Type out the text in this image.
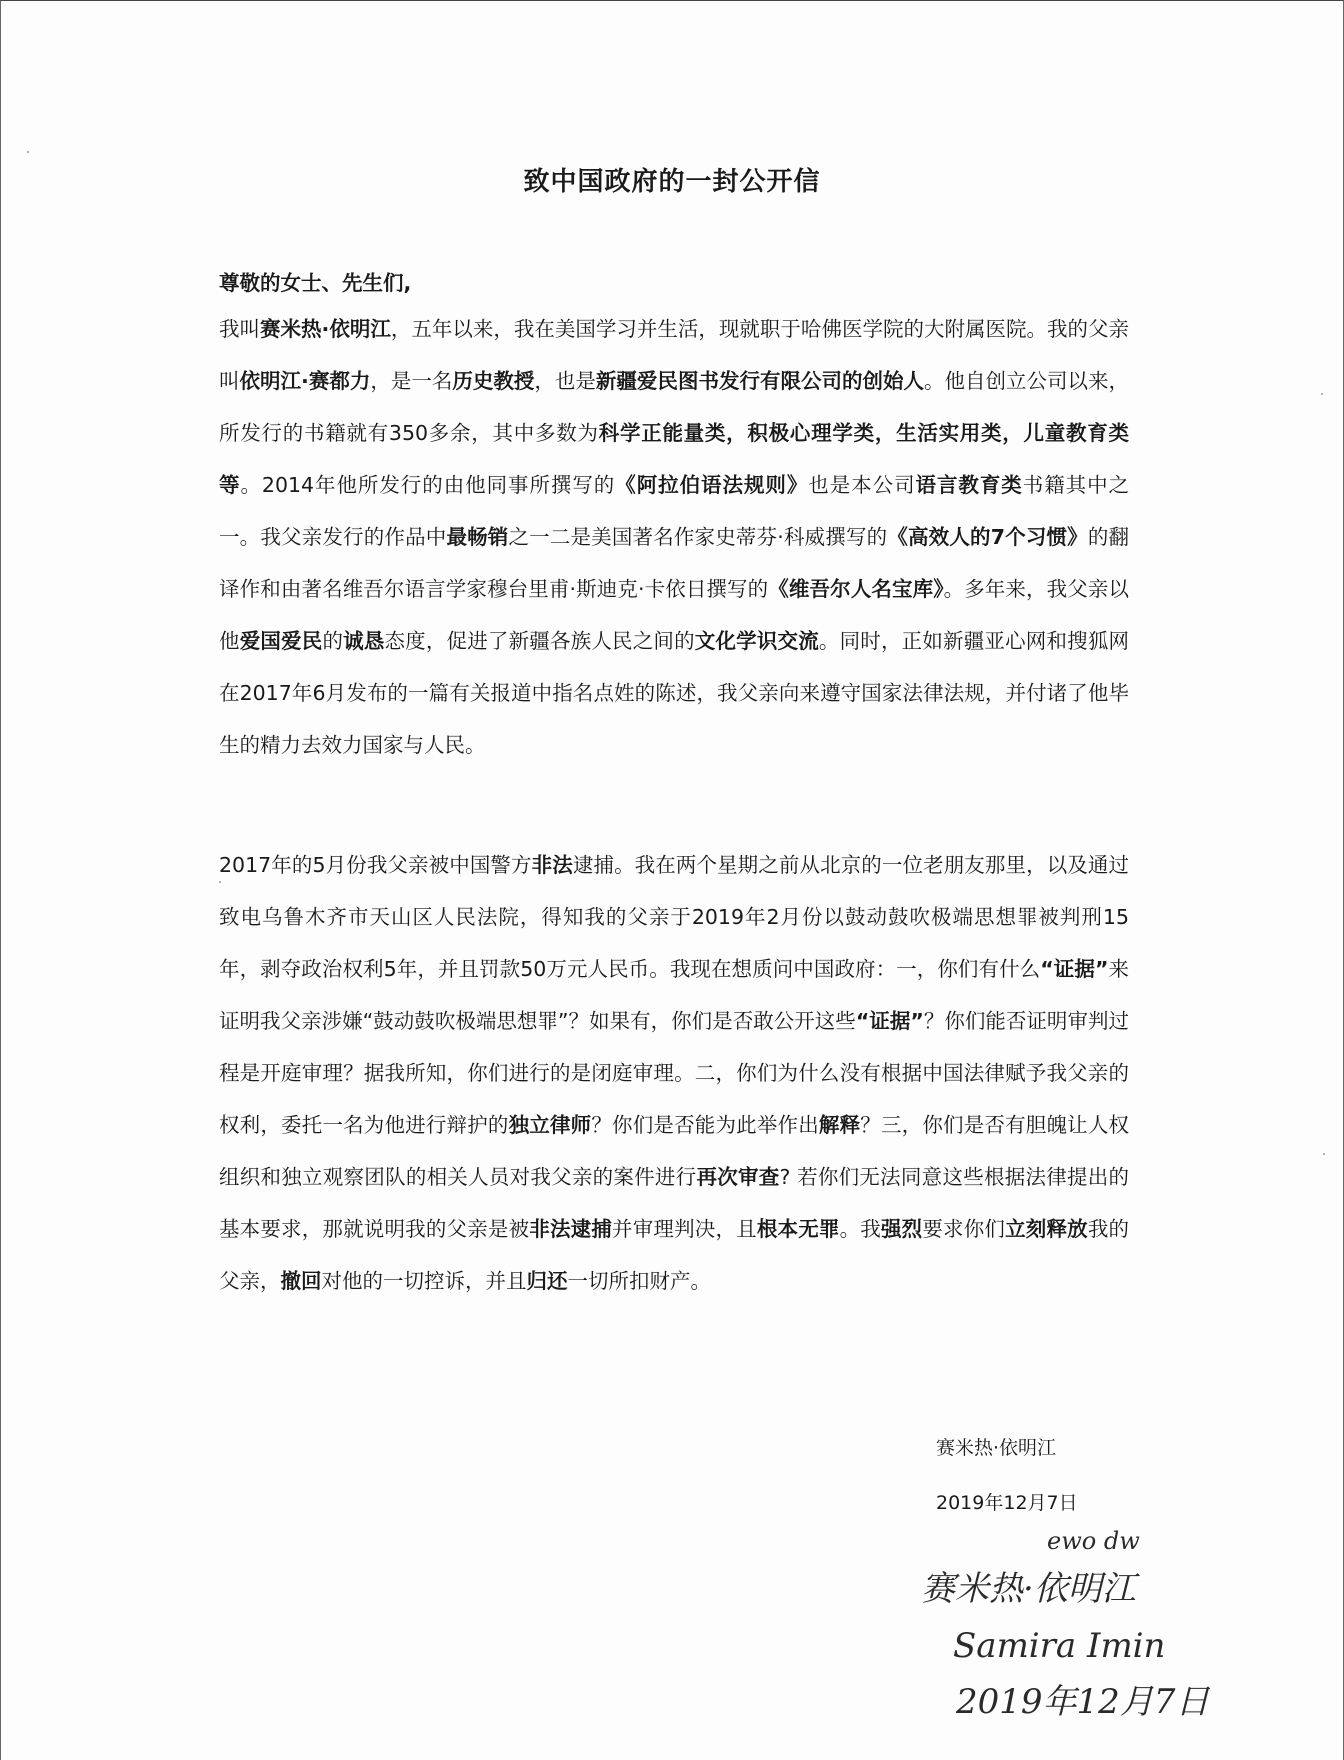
致中国政府的一封公开信
尊敬的女士、先生们,
我叫赛米热·依明江，五年以来，我在美国学习并生活，现就职于哈佛医学院的大附属医院。我的父亲叫依明江·赛都力，是一名历史教授，也是新疆爱民图书发行有限公司的创始人。他自创立公司以来，所发行的书籍就有350多余，其中多数为科学正能量类，积极心理学类，生活实用类，儿童教育类等。2014年他所发行的由他同事所撰写的《阿拉伯语法规则》也是本公司语言教育类书籍其中之一。我父亲发行的作品中最畅销之一二是美国著名作家史蒂芬·科威撰写的《高效人的7个习惯》的翻译作和由著名维吾尔语言学家穆台里甫·斯迪克·卡依日撰写的《维吾尔人名宝库》。多年来，我父亲以他爱国爱民的诚恳态度，促进了新疆各族人民之间的文化学识交流。同时，正如新疆亚心网和搜狐网在2017年6月发布的一篇有关报道中指名点姓的陈述，我父亲向来遵守国家法律法规，并付诸了他毕生的精力去效力国家与人民。
2017年的5月份我父亲被中国警方非法逮捕。我在两个星期之前从北京的一位老朋友那里，以及通过致电乌鲁木齐市天山区人民法院，得知我的父亲于2019年2月份以鼓动鼓吹极端思想罪被判刑15年，剥夺政治权利5年，并且罚款50万元人民币。我现在想质问中国政府：一，你们有什么“证据”来证明我父亲涉嫌“鼓动鼓吹极端思想罪”？如果有，你们是否敢公开这些“证据”？你们能否证明审判过程是开庭审理？据我所知，你们进行的是闭庭审理。二，你们为什么没有根据中国法律赋予我父亲的权利，委托一名为他进行辩护的独立律师？你们是否能为此举作出解释？三，你们是否有胆魄让人权组织和独立观察团队的相关人员对我父亲的案件进行再次审查? 若你们无法同意这些根据法律提出的基本要求，那就说明我的父亲是被非法逮捕并审理判决，且根本无罪。我强烈要求你们立刻释放我的父亲，撤回对他的一切控诉，并且归还一切所扣财产。
赛米热·依明江
2019年12月7日
ewo dw
赛米热·依明江
Samira Imin
2019年12月7日
